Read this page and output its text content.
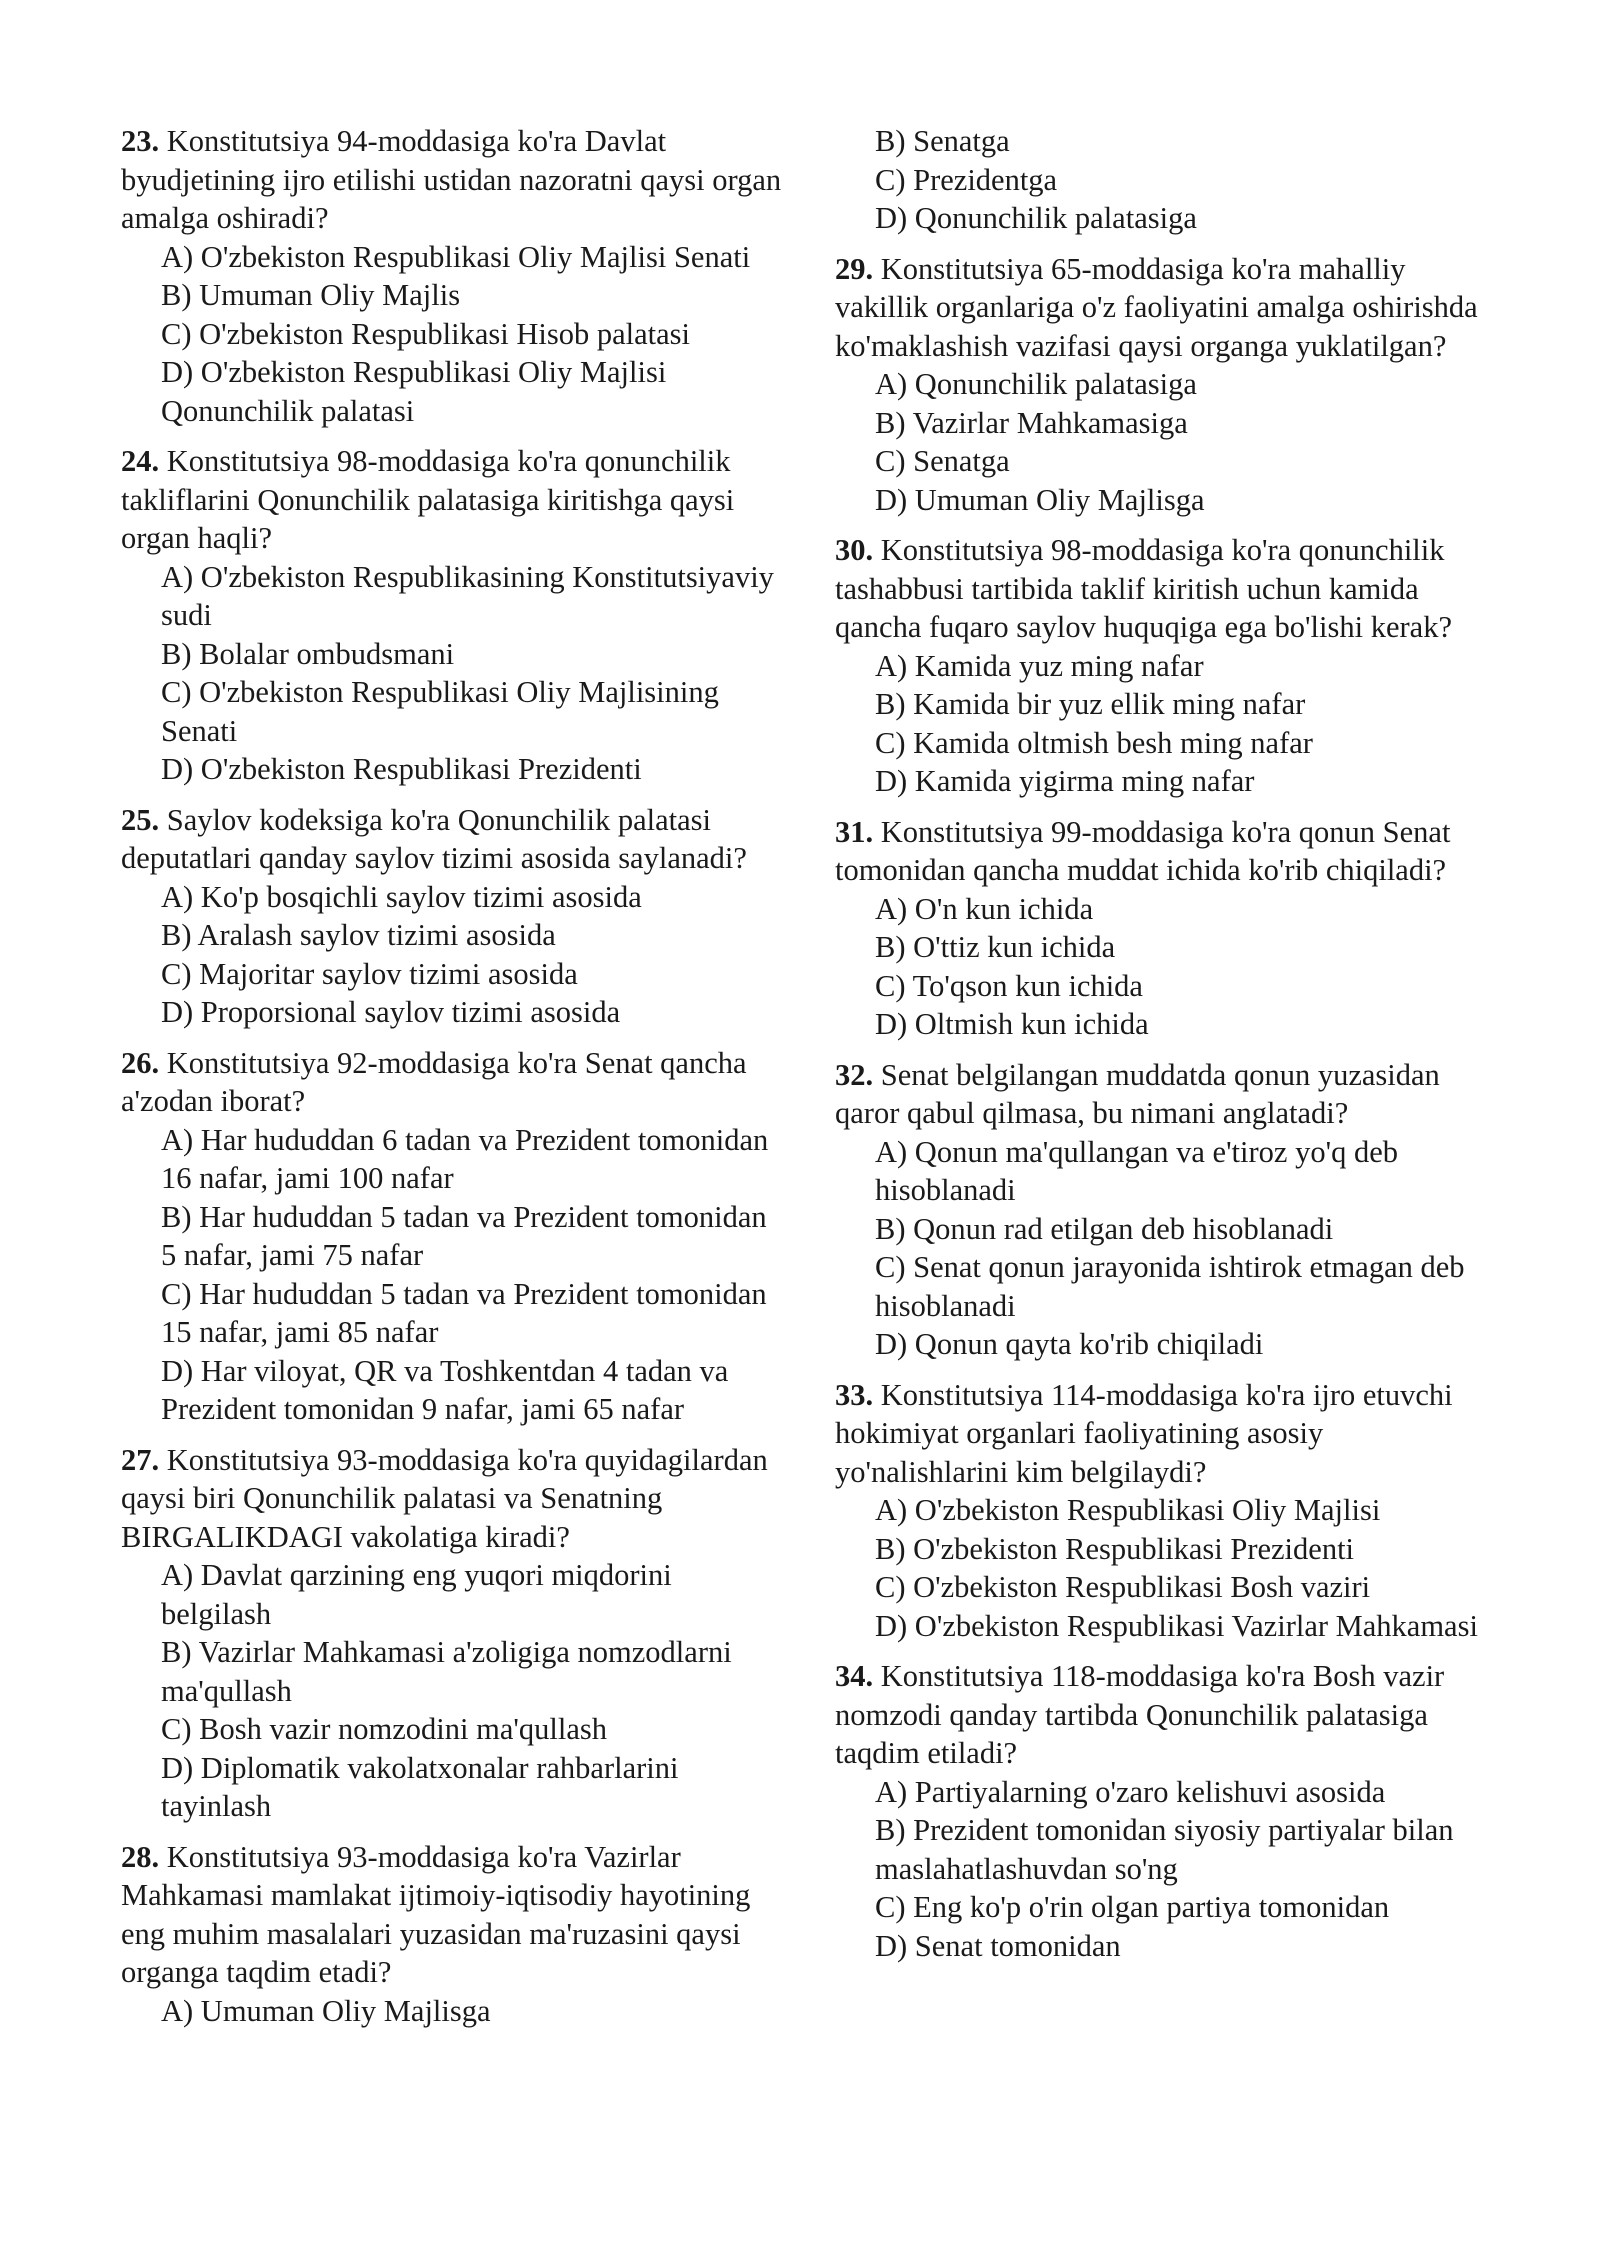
23. Konstitutsiya 94-moddasiga ko'ra Davlat byudjetining ijro etilishi ustidan nazoratni qaysi organ amalga oshiradi?
A) O'zbekiston Respublikasi Oliy Majlisi Senati
B) Umuman Oliy Majlis
C) O'zbekiston Respublikasi Hisob palatasi
D) O'zbekiston Respublikasi Oliy Majlisi Qonunchilik palatasi
24. Konstitutsiya 98-moddasiga ko'ra qonunchilik takliflarini Qonunchilik palatasiga kiritishga qaysi organ haqli?
A) O'zbekiston Respublikasining Konstitutsiyaviy sudi
B) Bolalar ombudsmani
C) O'zbekiston Respublikasi Oliy Majlisining Senati
D) O'zbekiston Respublikasi Prezidenti
25. Saylov kodeksiga ko'ra Qonunchilik palatasi deputatlari qanday saylov tizimi asosida saylanadi?
A) Ko'p bosqichli saylov tizimi asosida
B) Aralash saylov tizimi asosida
C) Majoritar saylov tizimi asosida
D) Proporsional saylov tizimi asosida
26. Konstitutsiya 92-moddasiga ko'ra Senat qancha a'zodan iborat?
A) Har hududdan 6 tadan va Prezident tomonidan 16 nafar, jami 100 nafar
B) Har hududdan 5 tadan va Prezident tomonidan 5 nafar, jami 75 nafar
C) Har hududdan 5 tadan va Prezident tomonidan 15 nafar, jami 85 nafar
D) Har viloyat, QR va Toshkentdan 4 tadan va Prezident tomonidan 9 nafar, jami 65 nafar
27. Konstitutsiya 93-moddasiga ko'ra quyidagilardan qaysi biri Qonunchilik palatasi va Senatning BIRGALIKDAGI vakolatiga kiradi?
A) Davlat qarzining eng yuqori miqdorini belgilash
B) Vazirlar Mahkamasi a'zoligiga nomzodlarni ma'qullash
C) Bosh vazir nomzodini ma'qullash
D) Diplomatik vakolatxonalar rahbarlarini tayinlash
28. Konstitutsiya 93-moddasiga ko'ra Vazirlar Mahkamasi mamlakat ijtimoiy-iqtisodiy hayotining eng muhim masalalari yuzasidan ma'ruzasini qaysi organga taqdim etadi?
A) Umuman Oliy Majlisga
B) Senatga
C) Prezidentga
D) Qonunchilik palatasiga
29. Konstitutsiya 65-moddasiga ko'ra mahalliy vakillik organlariga o'z faoliyatini amalga oshirishda ko'maklashish vazifasi qaysi organga yuklatilgan?
A) Qonunchilik palatasiga
B) Vazirlar Mahkamasiga
C) Senatga
D) Umuman Oliy Majlisga
30. Konstitutsiya 98-moddasiga ko'ra qonunchilik tashabbusi tartibida taklif kiritish uchun kamida qancha fuqaro saylov huquqiga ega bo'lishi kerak?
A) Kamida yuz ming nafar
B) Kamida bir yuz ellik ming nafar
C) Kamida oltmish besh ming nafar
D) Kamida yigirma ming nafar
31. Konstitutsiya 99-moddasiga ko'ra qonun Senat tomonidan qancha muddat ichida ko'rib chiqiladi?
A) O'n kun ichida
B) O'ttiz kun ichida
C) To'qson kun ichida
D) Oltmish kun ichida
32. Senat belgilangan muddatda qonun yuzasidan qaror qabul qilmasa, bu nimani anglatadi?
A) Qonun ma'qullangan va e'tiroz yo'q deb hisoblanadi
B) Qonun rad etilgan deb hisoblanadi
C) Senat qonun jarayonida ishtirok etmagan deb hisoblanadi
D) Qonun qayta ko'rib chiqiladi
33. Konstitutsiya 114-moddasiga ko'ra ijro etuvchi hokimiyat organlari faoliyatining asosiy yo'nalishlarini kim belgilaydi?
A) O'zbekiston Respublikasi Oliy Majlisi
B) O'zbekiston Respublikasi Prezidenti
C) O'zbekiston Respublikasi Bosh vaziri
D) O'zbekiston Respublikasi Vazirlar Mahkamasi
34. Konstitutsiya 118-moddasiga ko'ra Bosh vazir nomzodi qanday tartibda Qonunchilik palatasiga taqdim etiladi?
A) Partiyalarning o'zaro kelishuvi asosida
B) Prezident tomonidan siyosiy partiyalar bilan maslahatlashuvdan so'ng
C) Eng ko'p o'rin olgan partiya tomonidan
D) Senat tomonidan
